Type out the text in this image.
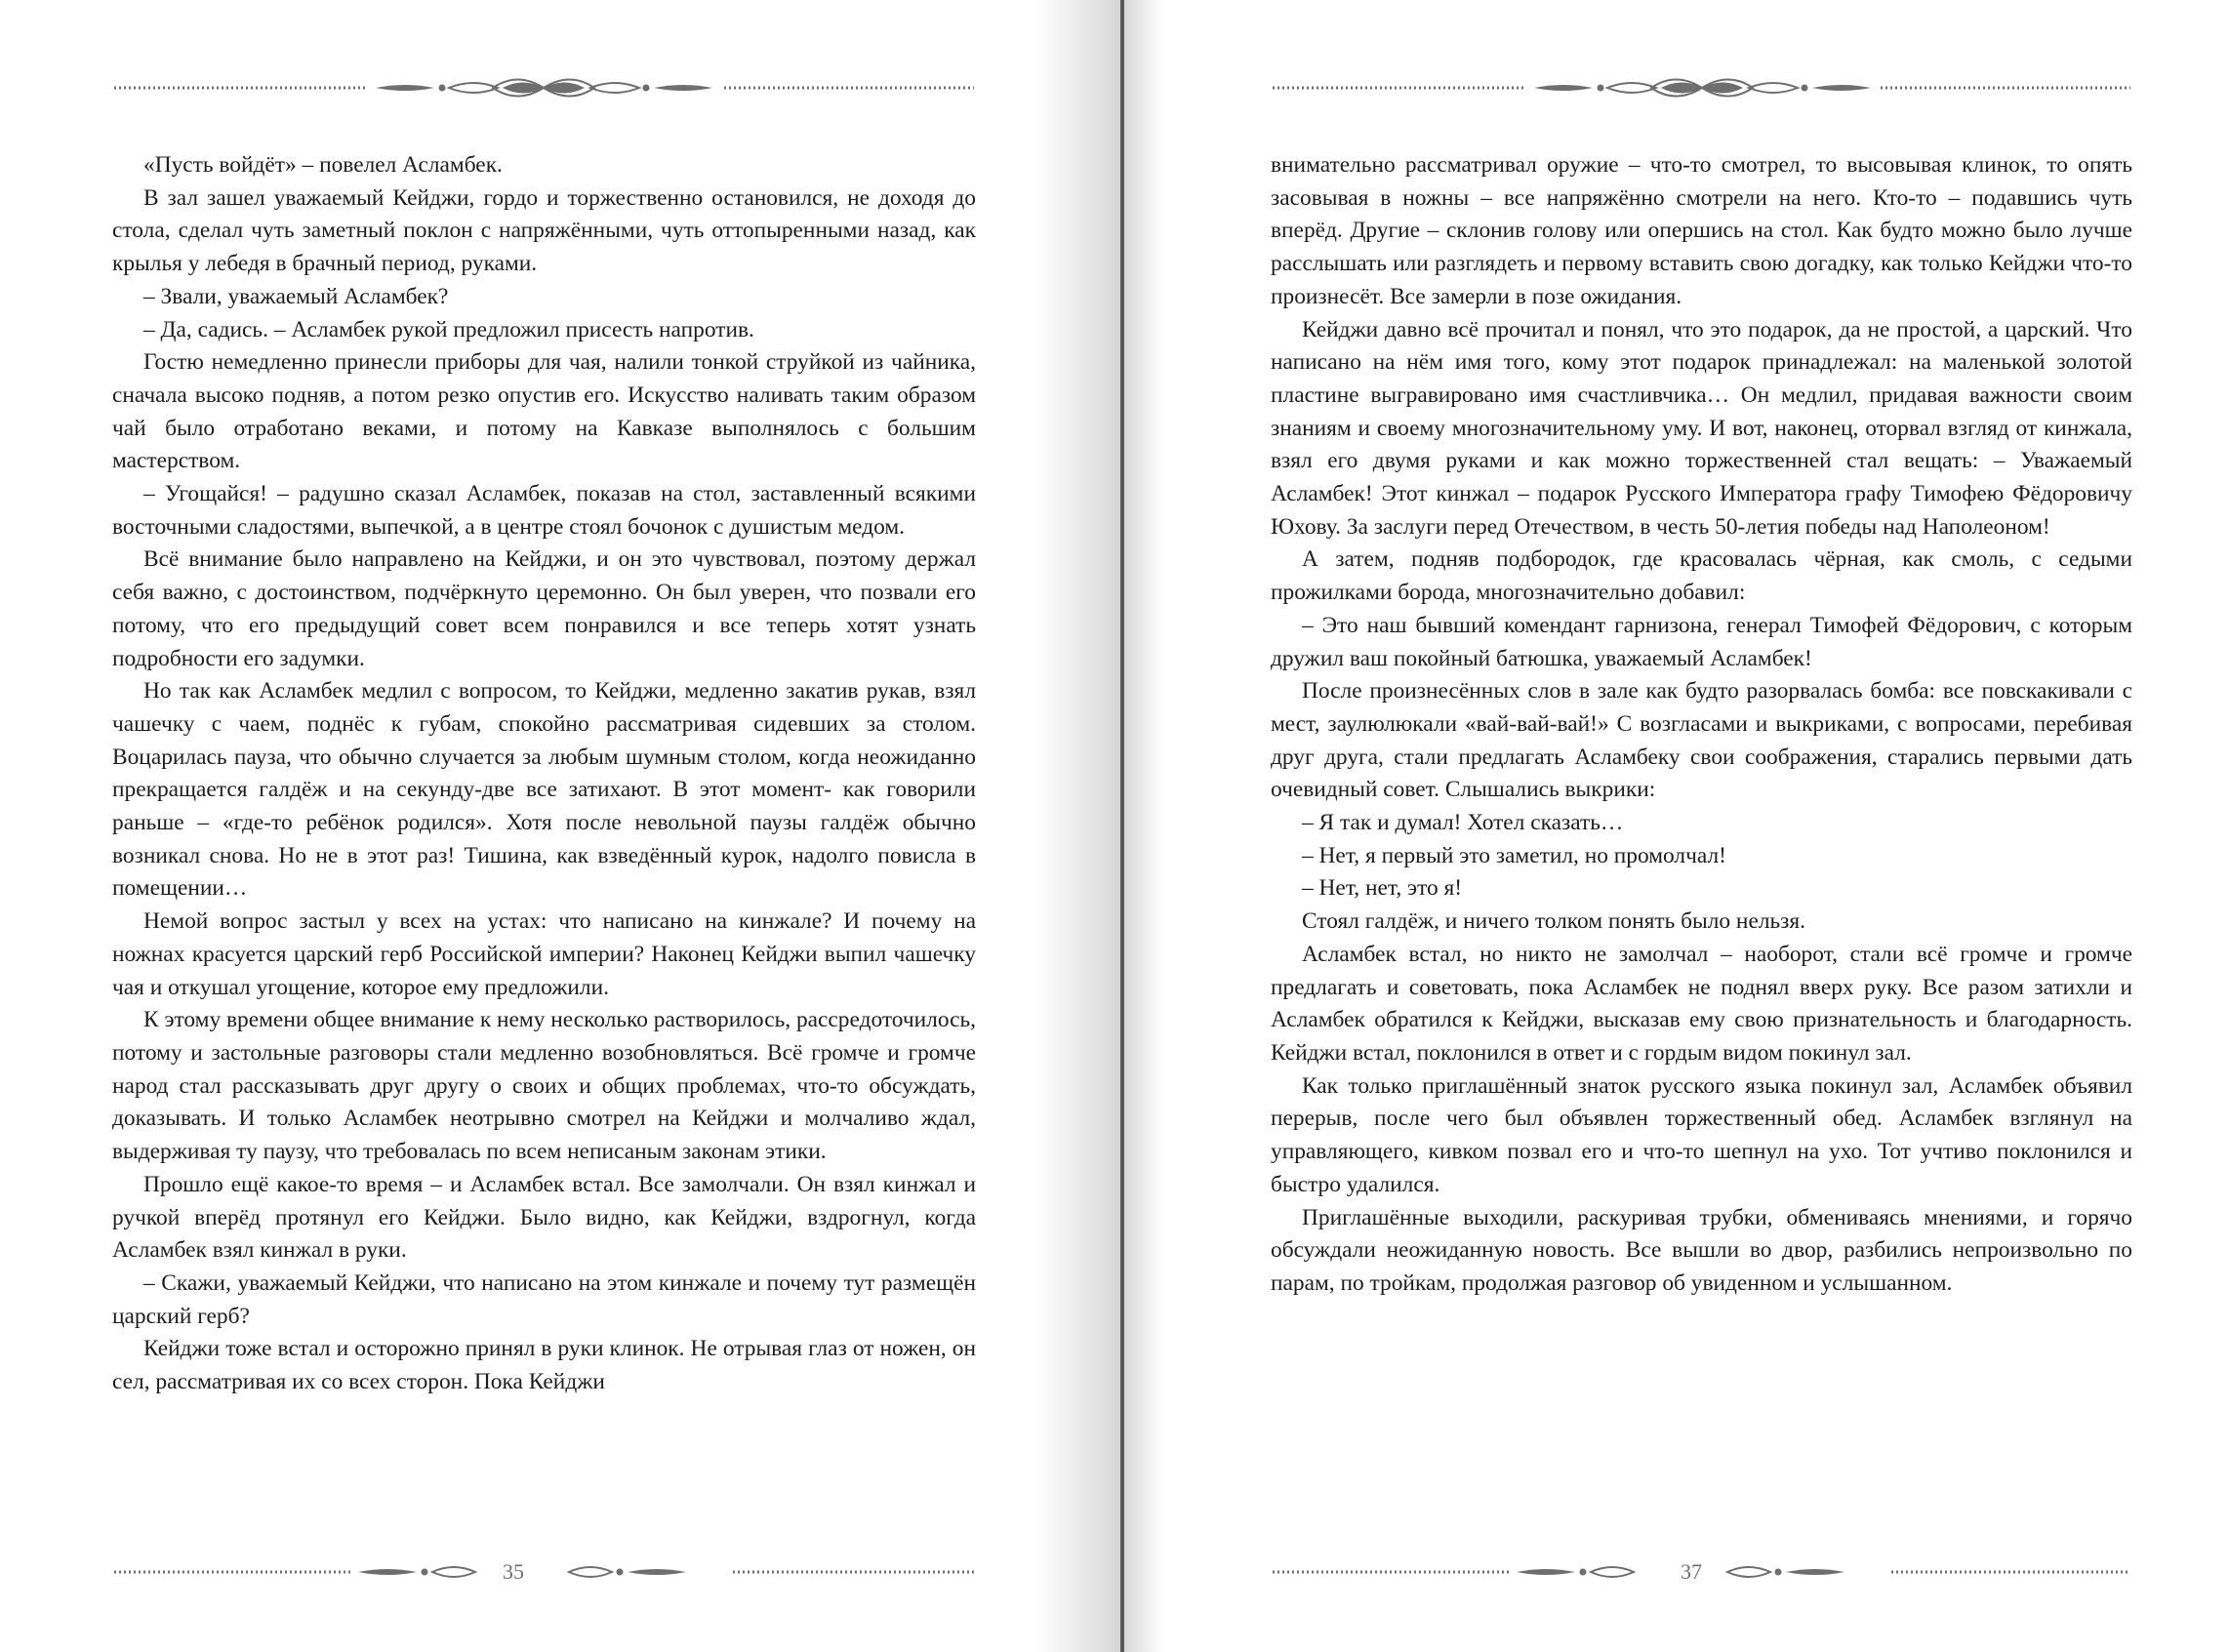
«Пусть войдёт» – повелел Асламбек.

В зал зашел уважаемый Кейджи, гордо и торжественно остановился, не доходя до стола, сделал чуть заметный поклон с напряжёнными, чуть оттопыренными назад, как крылья у лебедя в брачный период, руками.

– Звали, уважаемый Асламбек?

– Да, садись. – Асламбек рукой предложил присесть напротив.

Гостю немедленно принесли приборы для чая, налили тонкой струйкой из чайника, сначала высоко подняв, а потом резко опустив его. Искусство наливать таким образом чай было отработано веками, и потому на Кавказе выполнялось с большим мастерством.

– Угощайся! – радушно сказал Асламбек, показав на стол, заставленный всякими восточными сладостями, выпечкой, а в центре стоял бочонок с душистым медом.

Всё внимание было направлено на Кейджи, и он это чувствовал, поэтому держал себя важно, с достоинством, подчёркнуто церемонно. Он был уверен, что позвали его потому, что его предыдущий совет всем понравился и все теперь хотят узнать подробности его задумки.

Но так как Асламбек медлил с вопросом, то Кейджи, медленно закатив рукав, взял чашечку с чаем, поднёс к губам, спокойно рассматривая сидевших за столом. Воцарилась пауза, что обычно случается за любым шумным столом, когда неожиданно прекращается галдёж и на секунду-две все затихают. В этот момент- как говорили раньше – «где-то ребёнок родился». Хотя после невольной паузы галдёж обычно возникал снова. Но не в этот раз! Тишина, как взведённый курок, надолго повисла в помещении…

Немой вопрос застыл у всех на устах: что написано на кинжале? И почему на ножнах красуется царский герб Российской империи? Наконец Кейджи выпил чашечку чая и откушал угощение, которое ему предложили.

К этому времени общее внимание к нему несколько растворилось, рассредоточилось, потому и застольные разговоры стали медленно возобновляться. Всё громче и громче народ стал рассказывать друг другу о своих и общих проблемах, что-то обсуждать, доказывать. И только Асламбек неотрывно смотрел на Кейджи и молчаливо ждал, выдерживая ту паузу, что требовалась по всем неписаным законам этики.

Прошло ещё какое-то время – и Асламбек встал. Все замолчали. Он взял кинжал и ручкой вперёд протянул его Кейджи. Было видно, как Кейджи, вздрогнул, когда Асламбек взял кинжал в руки.

– Скажи, уважаемый Кейджи, что написано на этом кинжале и почему тут размещён царский герб?

Кейджи тоже встал и осторожно принял в руки клинок. Не отрывая глаз от ножен, он сел, рассматривая их со всех сторон. Пока Кейджи

35

внимательно рассматривал оружие – что-то смотрел, то высовывая клинок, то опять засовывая в ножны – все напряжённо смотрели на него. Кто-то – подавшись чуть вперёд. Другие – склонив голову или опершись на стол. Как будто можно было лучше расслышать или разглядеть и первому вставить свою догадку, как только Кейджи что-то произнесёт. Все замерли в позе ожидания.

Кейджи давно всё прочитал и понял, что это подарок, да не простой, а царский. Что написано на нём имя того, кому этот подарок принадлежал: на маленькой золотой пластине выгравировано имя счастливчика… Он медлил, придавая важности своим знаниям и своему многозначительному уму. И вот, наконец, оторвал взгляд от кинжала, взял его двумя руками и как можно торжественней стал вещать: – Уважаемый Асламбек! Этот кинжал – подарок Русского Императора графу Тимофею Фёдоровичу Юхову. За заслуги перед Отечеством, в честь 50-летия победы над Наполеоном!

А затем, подняв подбородок, где красовалась чёрная, как смоль, с седыми прожилками борода, многозначительно добавил:

– Это наш бывший комендант гарнизона, генерал Тимофей Фёдорович, с которым дружил ваш покойный батюшка, уважаемый Асламбек!

После произнесённых слов в зале как будто разорвалась бомба: все повскакивали с мест, заулюлюкали «вай-вай-вай!» С возгласами и выкриками, с вопросами, перебивая друг друга, стали предлагать Асламбеку свои соображения, старались первыми дать очевидный совет. Слышались выкрики:

– Я так и думал! Хотел сказать…

– Нет, я первый это заметил, но промолчал!

– Нет, нет, это я!

Стоял галдёж, и ничего толком понять было нельзя.

Асламбек встал, но никто не замолчал – наоборот, стали всё громче и громче предлагать и советовать, пока Асламбек не поднял вверх руку. Все разом затихли и Асламбек обратился к Кейджи, высказав ему свою признательность и благодарность. Кейджи встал, поклонился в ответ и с гордым видом покинул зал.

Как только приглашённый знаток русского языка покинул зал, Асламбек объявил перерыв, после чего был объявлен торжественный обед. Асламбек взглянул на управляющего, кивком позвал его и что-то шепнул на ухо. Тот учтиво поклонился и быстро удалился.

Приглашённые выходили, раскуривая трубки, обмениваясь мнениями, и горячо обсуждали неожиданную новость. Все вышли во двор, разбились непроизвольно по парам, по тройкам, продолжая разговор об увиденном и услышанном.

37
